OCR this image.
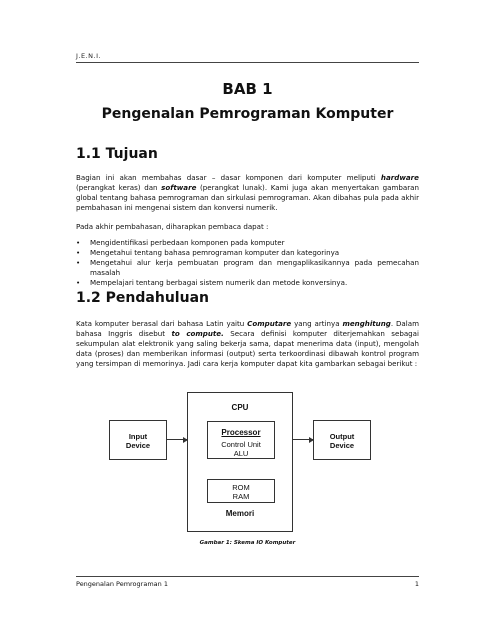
J.E.N.I.
BAB 1
Pengenalan Pemrograman Komputer
1.1 Tujuan

Bagian ini akan membahas dasar – dasar komponen dari komputer meliputi hardware (perangkat keras) dan software (perangkat lunak). Kami juga akan menyertakan gambaran global tentang bahasa pemrograman dan sirkulasi pemrograman. Akan dibahas pula pada akhir pembahasan ini mengenai sistem dan konversi numerik.

Pada akhir pembahasan, diharapkan pembaca dapat :

• Mengidentifikasi perbedaan komponen pada komputer
• Mengetahui tentang bahasa pemrograman komputer dan kategorinya
• Mengetahui alur kerja pembuatan program dan mengaplikasikannya pada pemecahan masalah
• Mempelajari tentang berbagai sistem numerik dan metode konversinya.
1.2 Pendahuluan

Kata komputer berasal dari bahasa Latin yaitu Computare yang artinya menghitung. Dalam bahasa Inggris disebut to compute. Secara definisi komputer diterjemahkan sebagai sekumpulan alat elektronik yang saling bekerja sama, dapat menerima data (input), mengolah data (proses) dan memberikan informasi (output) serta terkoordinasi dibawah kontrol program yang tersimpan di memorinya. Jadi cara kerja komputer dapat kita gambarkan sebagai berikut :

Input
Device
CPU
Processor
Control Unit
ALU
ROM
RAM
Memori
Output
Device
Gambar 1: Skema IO Komputer
Pengenalan Pemrograman 1	1
